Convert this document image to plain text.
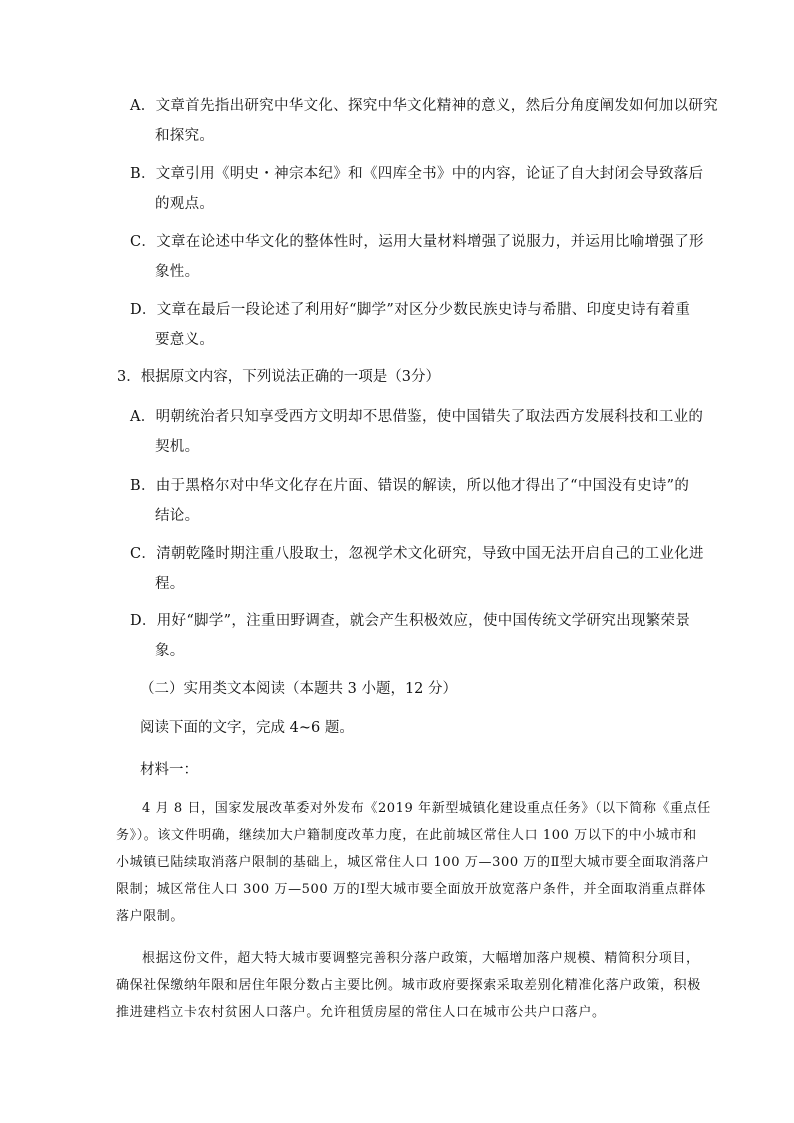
A．文章首先指出研究中华文化、探究中华文化精神的意义，然后分角度阐发如何加以研究
和探究。
B．文章引用《明史・神宗本纪》和《四库全书》中的内容，论证了自大封闭会导致落后
的观点。
C．文章在论述中华文化的整体性时，运用大量材料增强了说服力，并运用比喻增强了形
象性。
D．文章在最后一段论述了利用好“脚学”对区分少数民族史诗与希腊、印度史诗有着重
要意义。
3．根据原文内容，下列说法正确的一项是（3分）
A．明朝统治者只知享受西方文明却不思借鉴，使中国错失了取法西方发展科技和工业的
契机。
B．由于黑格尔对中华文化存在片面、错误的解读，所以他才得出了“中国没有史诗”的
结论。
C．清朝乾隆时期注重八股取士，忽视学术文化研究，导致中国无法开启自己的工业化进
程。
D．用好“脚学”，注重田野调查，就会产生积极效应，使中国传统文学研究出现繁荣景
象。
（二）实用类文本阅读（本题共 3 小题，12 分）
阅读下面的文字，完成 4~6 题。
材料一：
4 月 8 日，国家发展改革委对外发布《2019 年新型城镇化建设重点任务》（以下简称《重点任
务》）。该文件明确，继续加大户籍制度改革力度，在此前城区常住人口 100 万以下的中小城市和
小城镇已陆续取消落户限制的基础上，城区常住人口 100 万—300 万的Ⅱ型大城市要全面取消落户
限制；城区常住人口 300 万—500 万的Ⅰ型大城市要全面放开放宽落户条件，并全面取消重点群体
落户限制。
根据这份文件，超大特大城市要调整完善积分落户政策，大幅增加落户规模、精简积分项目，
确保社保缴纳年限和居住年限分数占主要比例。城市政府要探索采取差别化精准化落户政策，积极
推进建档立卡农村贫困人口落户。允许租赁房屋的常住人口在城市公共户口落户。
